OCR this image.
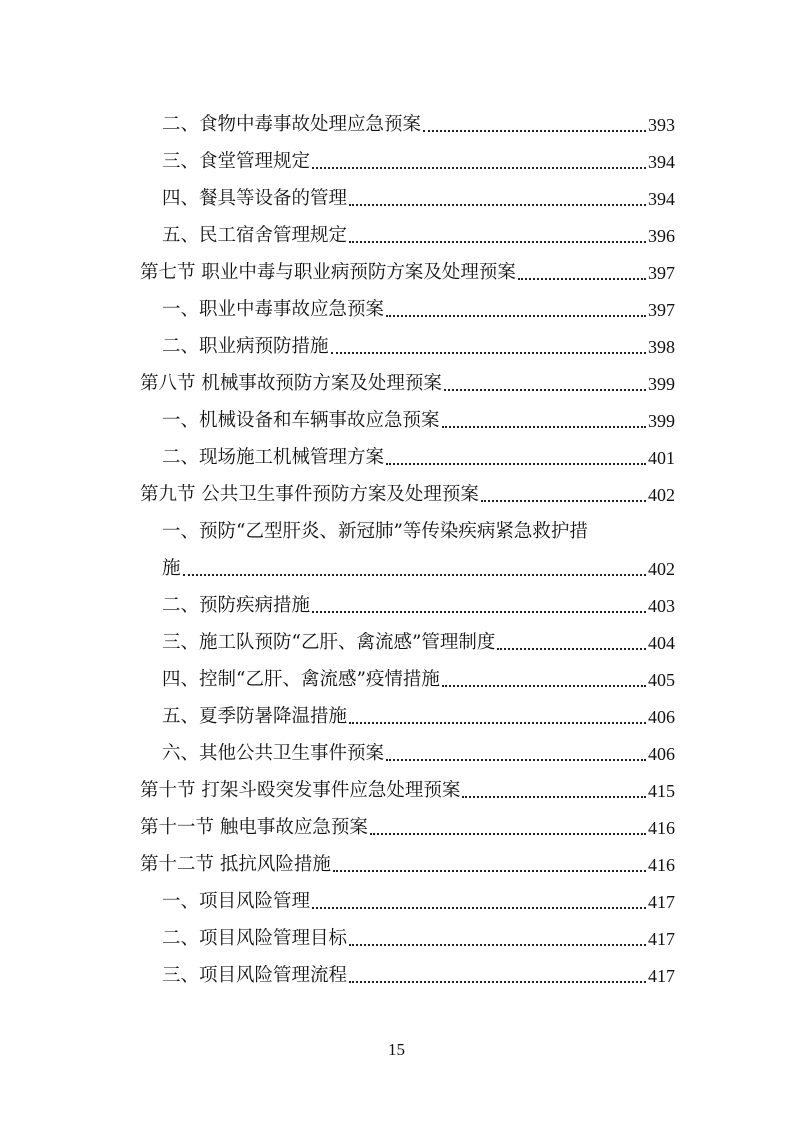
二、食物中毒事故处理应急预案	393
三、食堂管理规定	394
四、餐具等设备的管理	394
五、民工宿舍管理规定	396
第七节 职业中毒与职业病预防方案及处理预案	397
一、职业中毒事故应急预案	397
二、职业病预防措施	398
第八节 机械事故预防方案及处理预案	399
一、机械设备和车辆事故应急预案	399
二、现场施工机械管理方案	401
第九节 公共卫生事件预防方案及处理预案	402
一、预防“乙型肝炎、新冠肺”等传染疾病紧急救护措
施	402
二、预防疾病措施	403
三、施工队预防“乙肝、禽流感”管理制度	404
四、控制“乙肝、禽流感”疫情措施	405
五、夏季防暑降温措施	406
六、其他公共卫生事件预案	406
第十节 打架斗殴突发事件应急处理预案	415
第十一节 触电事故应急预案	416
第十二节 抵抗风险措施	416
一、项目风险管理	417
二、项目风险管理目标	417
三、项目风险管理流程	417
15
